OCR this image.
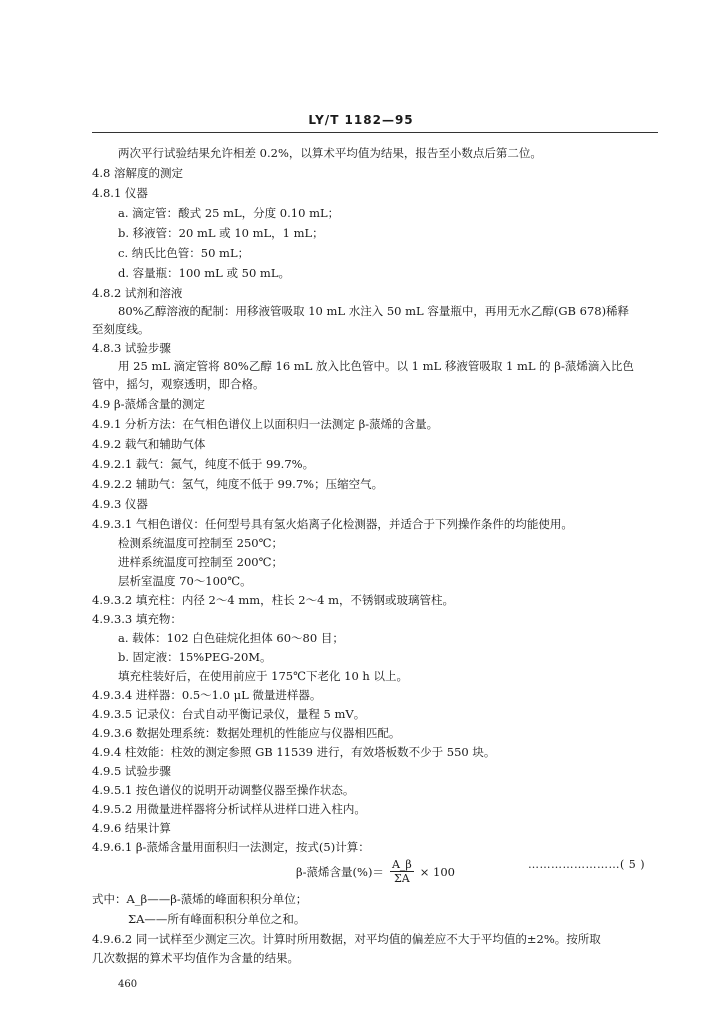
LY/T 1182—95
两次平行试验结果允许相差 0.2%，以算术平均值为结果，报告至小数点后第二位。
4.8 溶解度的测定
4.8.1 仪器
a. 滴定管：酸式 25 mL，分度 0.10 mL；
b. 移液管：20 mL 或 10 mL，1 mL；
c. 纳氏比色管：50 mL；
d. 容量瓶：100 mL 或 50 mL。
4.8.2 试剂和溶液
80%乙醇溶液的配制：用移液管吸取 10 mL 水注入 50 mL 容量瓶中，再用无水乙醇(GB 678)稀释
至刻度线。
4.8.3 试验步骤
用 25 mL 滴定管将 80%乙醇 16 mL 放入比色管中。以 1 mL 移液管吸取 1 mL 的 β-蒎烯滴入比色
管中，摇匀，观察透明，即合格。
4.9 β-蒎烯含量的测定
4.9.1 分析方法：在气相色谱仪上以面积归一法测定 β-蒎烯的含量。
4.9.2 载气和辅助气体
4.9.2.1 载气：氮气，纯度不低于 99.7%。
4.9.2.2 辅助气：氢气，纯度不低于 99.7%；压缩空气。
4.9.3 仪器
4.9.3.1 气相色谱仪：任何型号具有氢火焰离子化检测器，并适合于下列操作条件的均能使用。
检测系统温度可控制至 250℃；
进样系统温度可控制至 200℃；
层析室温度 70～100℃。
4.9.3.2 填充柱：内径 2～4 mm，柱长 2～4 m，不锈钢或玻璃管柱。
4.9.3.3 填充物：
a. 载体：102 白色硅烷化担体 60～80 目；
b. 固定液：15%PEG-20M。
填充柱装好后，在使用前应于 175℃下老化 10 h 以上。
4.9.3.4 进样器：0.5～1.0 μL 微量进样器。
4.9.3.5 记录仪：台式自动平衡记录仪，量程 5 mV。
4.9.3.6 数据处理系统：数据处理机的性能应与仪器相匹配。
4.9.4 柱效能：柱效的测定参照 GB 11539 进行，有效塔板数不少于 550 块。
4.9.5 试验步骤
4.9.5.1 按色谱仪的说明开动调整仪器至操作状态。
4.9.5.2 用微量进样器将分析试样从进样口进入柱内。
4.9.6 结果计算
4.9.6.1 β-蒎烯含量用面积归一法测定，按式(5)计算：
式中：A_β——β-蒎烯的峰面积积分单位；
ΣA——所有峰面积积分单位之和。
4.9.6.2 同一试样至少测定三次。计算时所用数据，对平均值的偏差应不大于平均值的±2%。按所取
几次数据的算术平均值作为含量的结果。
β-蒎烯含量(%)＝ $\frac{A\_\beta}{\Sigma A} \times 100$	……………………( 5 )
460
